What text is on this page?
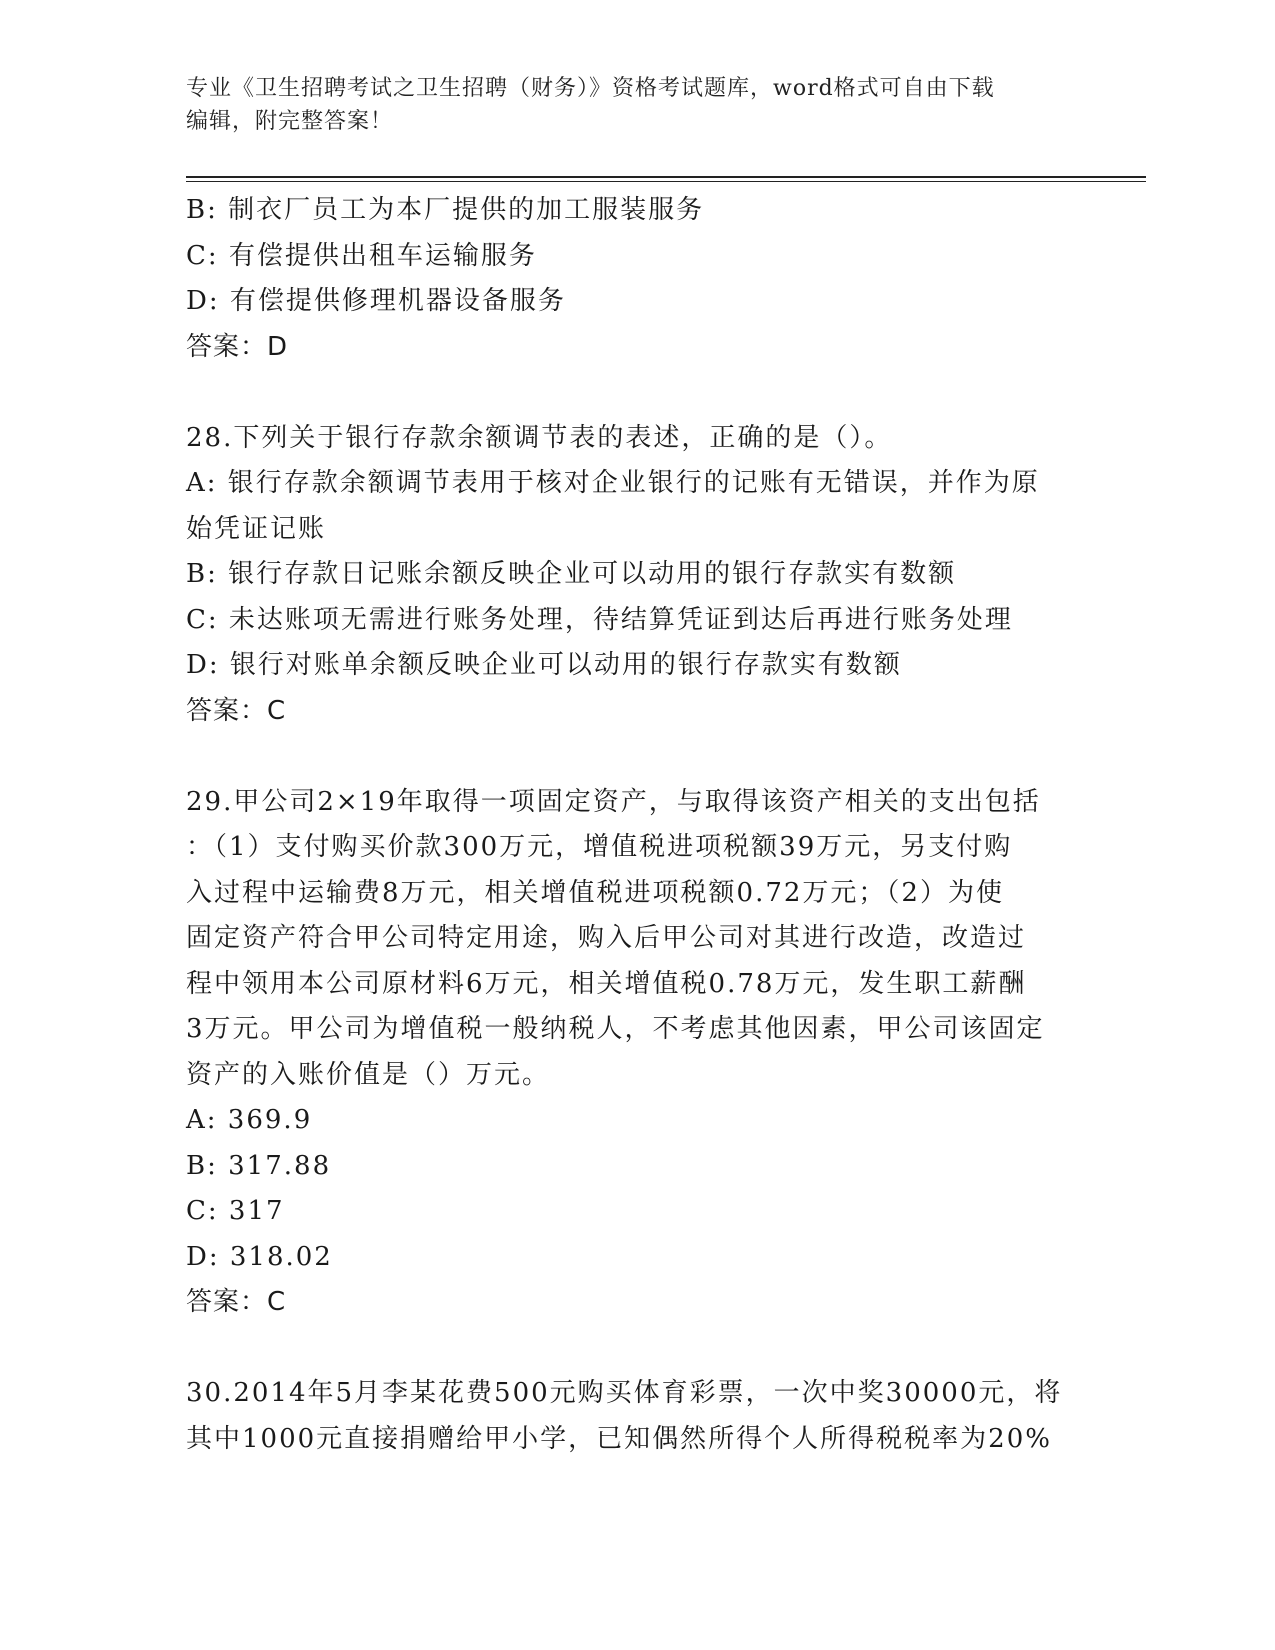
专业《卫生招聘考试之卫生招聘（财务）》资格考试题库，word格式可自由下载
编辑，附完整答案！

B: 制衣厂员工为本厂提供的加工服装服务

C: 有偿提供出租车运输服务

D: 有偿提供修理机器设备服务

答案：D

28.下列关于银行存款余额调节表的表述，正确的是（）。

A: 银行存款余额调节表用于核对企业银行的记账有无错误，并作为原

始凭证记账

B: 银行存款日记账余额反映企业可以动用的银行存款实有数额

C: 未达账项无需进行账务处理，待结算凭证到达后再进行账务处理

D: 银行对账单余额反映企业可以动用的银行存款实有数额

答案：C

29.甲公司2×19年取得一项固定资产，与取得该资产相关的支出包括

：（1）支付购买价款300万元，增值税进项税额39万元，另支付购

入过程中运输费8万元，相关增值税进项税额0.72万元；（2）为使

固定资产符合甲公司特定用途，购入后甲公司对其进行改造，改造过

程中领用本公司原材料6万元，相关增值税0.78万元，发生职工薪酬

3万元。甲公司为增值税一般纳税人，不考虑其他因素，甲公司该固定

资产的入账价值是（）万元。

A: 369.9

B: 317.88

C: 317

D: 318.02

答案：C

30.2014年5月李某花费500元购买体育彩票，一次中奖30000元，将

其中1000元直接捐赠给甲小学，已知偶然所得个人所得税税率为20%
